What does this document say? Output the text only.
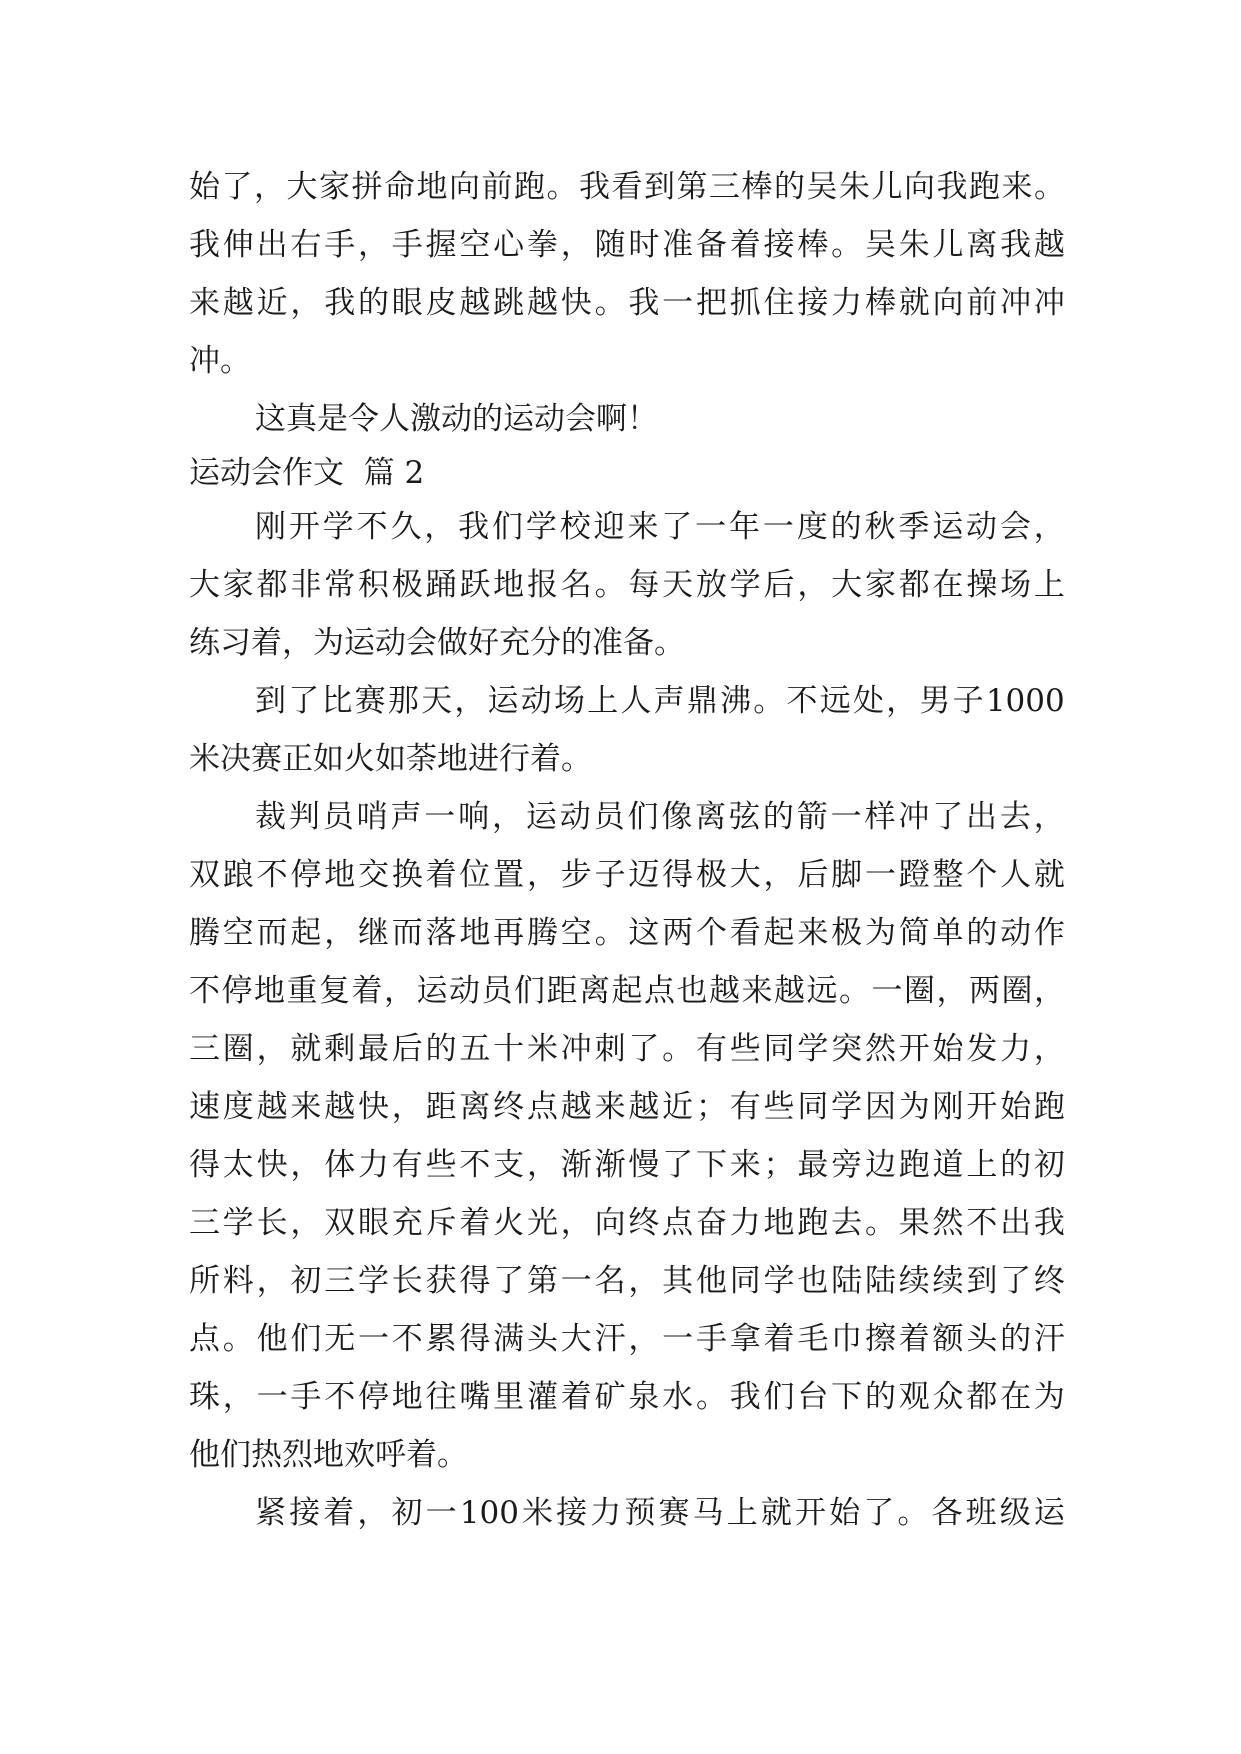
始 了 ， 大 家 拼 命 地 向 前 跑 。 我 看 到 第 三 棒 的 吴 朱 儿 向 我 跑 来 。
我 伸 出 右 手 ， 手 握 空 心 拳 ， 随 时 准 备 着 接 棒 。 吴 朱 儿 离 我 越
来 越 近 ， 我 的 眼 皮 越 跳 越 快 。 我 一 把 抓 住 接 力 棒 就 向 前 冲 冲
冲。
这真是令人激动的运动会啊！
运动会作文  篇 2
刚 开 学 不 久 ， 我 们 学 校 迎 来 了 一 年 一 度 的 秋 季 运 动 会 ，
大 家 都 非 常 积 极 踊 跃 地 报 名 。 每 天 放 学 后 ， 大 家 都 在 操 场 上
练习着，为运动会做好充分的准备。
到 了 比 赛 那 天 ， 运 动 场 上 人 声 鼎 沸 。 不 远 处 ， 男 子 1000
米决赛正如火如荼地进行着。
裁 判 员 哨 声 一 响 ， 运 动 员 们 像 离 弦 的 箭 一 样 冲 了 出 去 ，
双 踉 不 停 地 交 换 着 位 置 ， 步 子 迈 得 极 大 ， 后 脚 一 蹬 整 个 人 就
腾 空 而 起 ， 继 而 落 地 再 腾 空 。 这 两 个 看 起 来 极 为 简 单 的 动 作
不 停 地 重 复 着 ， 运 动 员 们 距 离 起 点 也 越 来 越 远 。 一 圈 ， 两 圈 ，
三 圈 ， 就 剩 最 后 的 五 十 米 冲 刺 了 。 有 些 同 学 突 然 开 始 发 力 ，
速 度 越 来 越 快 ， 距 离 终 点 越 来 越 近 ； 有 些 同 学 因 为 刚 开 始 跑
得 太 快 ， 体 力 有 些 不 支 ， 渐 渐 慢 了 下 来 ； 最 旁 边 跑 道 上 的 初
三 学 长 ， 双 眼 充 斥 着 火 光 ， 向 终 点 奋 力 地 跑 去 。 果 然 不 出 我
所 料 ， 初 三 学 长 获 得 了 第 一 名 ， 其 他 同 学 也 陆 陆 续 续 到 了 终
点 。 他 们 无 一 不 累 得 满 头 大 汗 ， 一 手 拿 着 毛 巾 擦 着 额 头 的 汗
珠 ， 一 手 不 停 地 往 嘴 里 灌 着 矿 泉 水 。 我 们 台 下 的 观 众 都 在 为
他们热烈地欢呼着。
紧 接 着 ， 初 一 100 米 接 力 预 赛 马 上 就 开 始 了 。 各 班 级 运
